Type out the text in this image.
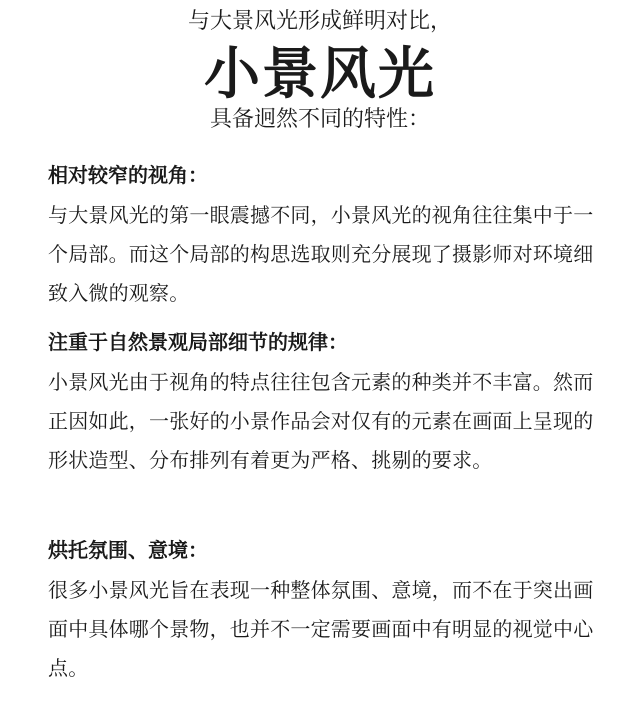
与大景风光形成鲜明对比，
小景风光
具备迥然不同的特性：
相对较窄的视角：

与大景风光的第一眼震撼不同，小景风光的视角往往集中于一个局部。而这个局部的构思选取则充分展现了摄影师对环境细致入微的观察。

注重于自然景观局部细节的规律：

小景风光由于视角的特点往往包含元素的种类并不丰富。然而正因如此，一张好的小景作品会对仅有的元素在画面上呈现的形状造型、分布排列有着更为严格、挑剔的要求。

烘托氛围、意境：

很多小景风光旨在表现一种整体氛围、意境，而不在于突出画面中具体哪个景物，也并不一定需要画面中有明显的视觉中心点。
